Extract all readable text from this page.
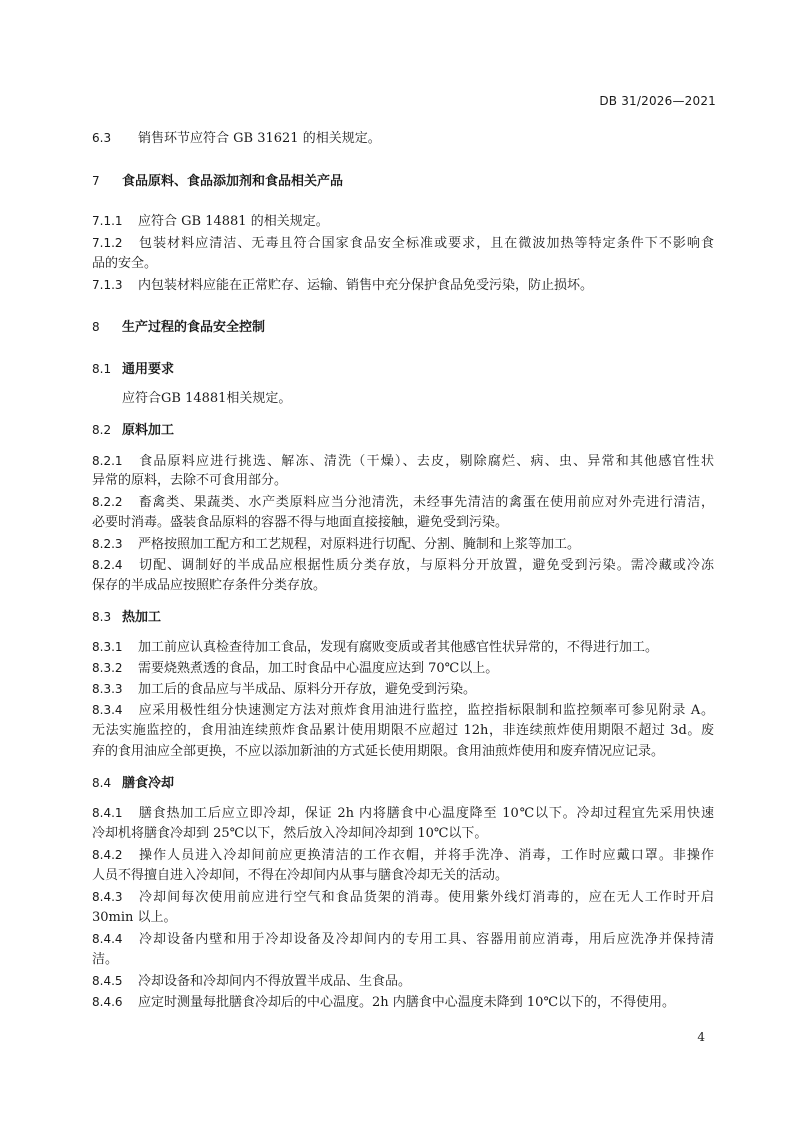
DB 31/2026—2021
6.3 销售环节应符合 GB 31621 的相关规定。
7 食品原料、食品添加剂和食品相关产品
7.1.1 应符合 GB 14881 的相关规定。
7.1.2 包装材料应清洁、无毒且符合国家食品安全标准或要求，且在微波加热等特定条件下不影响食
品的安全。
7.1.3 内包装材料应能在正常贮存、运输、销售中充分保护食品免受污染，防止损坏。
8 生产过程的食品安全控制
8.1 通用要求
应符合GB 14881相关规定。
8.2 原料加工
8.2.1 食品原料应进行挑选、解冻、清洗（干燥）、去皮，剔除腐烂、病、虫、异常和其他感官性状
异常的原料，去除不可食用部分。
8.2.2 畜禽类、果蔬类、水产类原料应当分池清洗，未经事先清洁的禽蛋在使用前应对外壳进行清洁，
必要时消毒。盛装食品原料的容器不得与地面直接接触，避免受到污染。
8.2.3 严格按照加工配方和工艺规程，对原料进行切配、分割、腌制和上浆等加工。
8.2.4 切配、调制好的半成品应根据性质分类存放，与原料分开放置，避免受到污染。需冷藏或冷冻
保存的半成品应按照贮存条件分类存放。
8.3 热加工
8.3.1 加工前应认真检查待加工食品，发现有腐败变质或者其他感官性状异常的，不得进行加工。
8.3.2 需要烧熟煮透的食品，加工时食品中心温度应达到 70℃以上。
8.3.3 加工后的食品应与半成品、原料分开存放，避免受到污染。
8.3.4 应采用极性组分快速测定方法对煎炸食用油进行监控，监控指标限制和监控频率可参见附录 A。
无法实施监控的，食用油连续煎炸食品累计使用期限不应超过 12h，非连续煎炸使用期限不超过 3d。废
弃的食用油应全部更换，不应以添加新油的方式延长使用期限。食用油煎炸使用和废弃情况应记录。
8.4 膳食冷却
8.4.1 膳食热加工后应立即冷却，保证 2h 内将膳食中心温度降至 10℃以下。冷却过程宜先采用快速
冷却机将膳食冷却到 25℃以下，然后放入冷却间冷却到 10℃以下。
8.4.2 操作人员进入冷却间前应更换清洁的工作衣帽，并将手洗净、消毒，工作时应戴口罩。非操作
人员不得擅自进入冷却间，不得在冷却间内从事与膳食冷却无关的活动。
8.4.3 冷却间每次使用前应进行空气和食品货架的消毒。使用紫外线灯消毒的，应在无人工作时开启
30min 以上。
8.4.4 冷却设备内壁和用于冷却设备及冷却间内的专用工具、容器用前应消毒，用后应洗净并保持清
洁。
8.4.5 冷却设备和冷却间内不得放置半成品、生食品。
8.4.6 应定时测量每批膳食冷却后的中心温度。2h 内膳食中心温度未降到 10℃以下的，不得使用。
4
